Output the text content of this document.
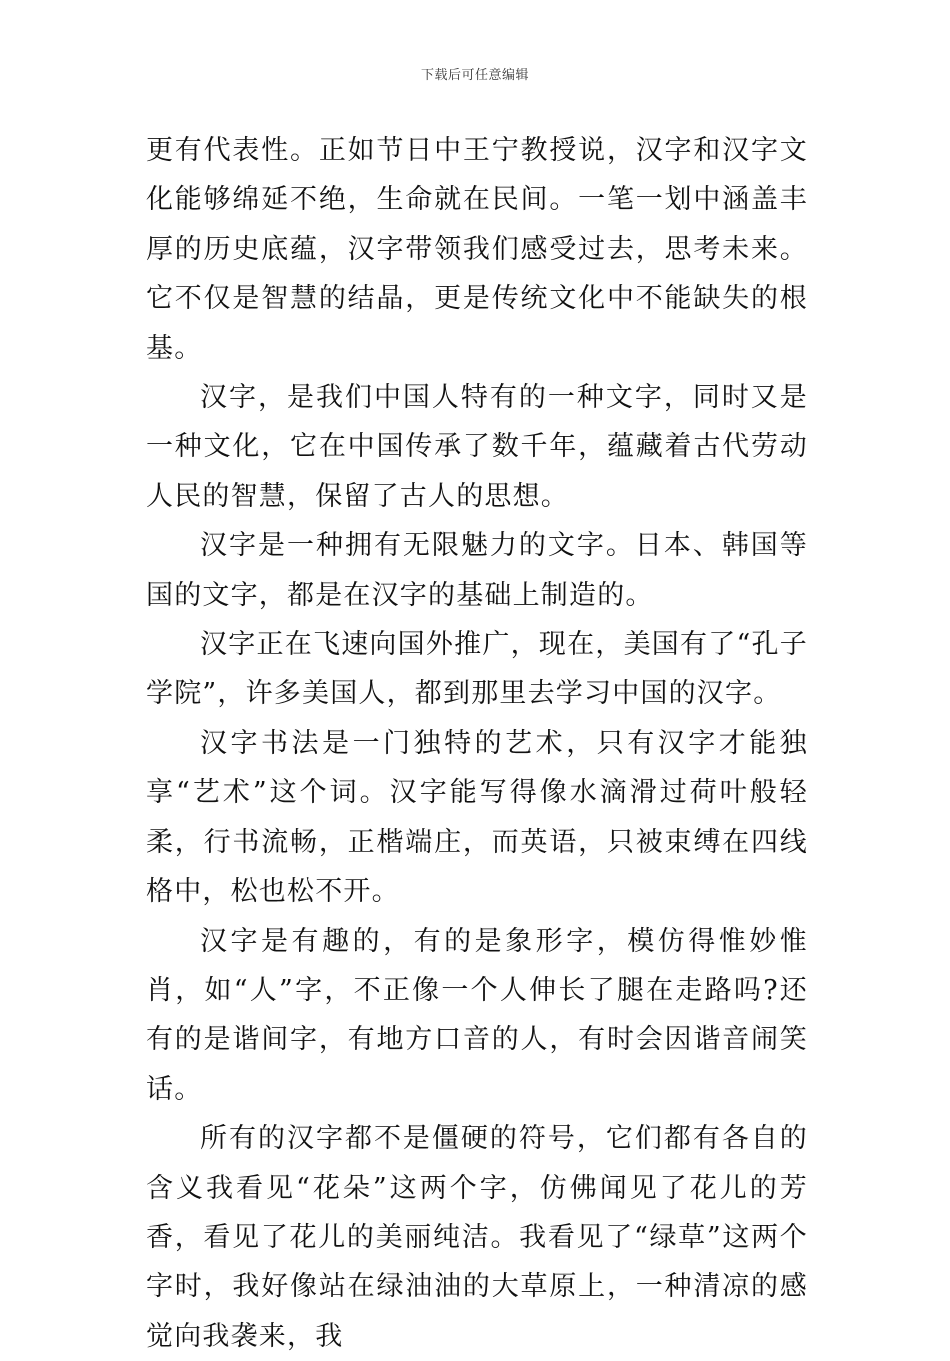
下载后可任意编辑

更有代表性。正如节日中王宁教授说，汉字和汉字文化能够绵延不绝，生命就在民间。一笔一划中涵盖丰厚的历史底蕴，汉字带领我们感受过去，思考未来。它不仅是智慧的结晶，更是传统文化中不能缺失的根基。

汉字，是我们中国人特有的一种文字，同时又是一种文化，它在中国传承了数千年，蕴藏着古代劳动人民的智慧，保留了古人的思想。

汉字是一种拥有无限魅力的文字。日本、韩国等国的文字，都是在汉字的基础上制造的。

汉字正在飞速向国外推广，现在，美国有了“孔子学院”，许多美国人，都到那里去学习中国的汉字。

汉字书法是一门独特的艺术，只有汉字才能独享“艺术”这个词。汉字能写得像水滴滑过荷叶般轻柔，行书流畅，正楷端庄，而英语，只被束缚在四线格中，松也松不开。

汉字是有趣的，有的是象形字，模仿得惟妙惟肖，如“人”字，不正像一个人伸长了腿在走路吗?还有的是谐间字，有地方口音的人，有时会因谐音闹笑话。

所有的汉字都不是僵硬的符号，它们都有各自的含义我看见“花朵”这两个字，仿佛闻见了花儿的芳香，看见了花儿的美丽纯洁。我看见了“绿草”这两个字时，我好像站在绿油油的大草原上，一种清凉的感觉向我袭来，我
